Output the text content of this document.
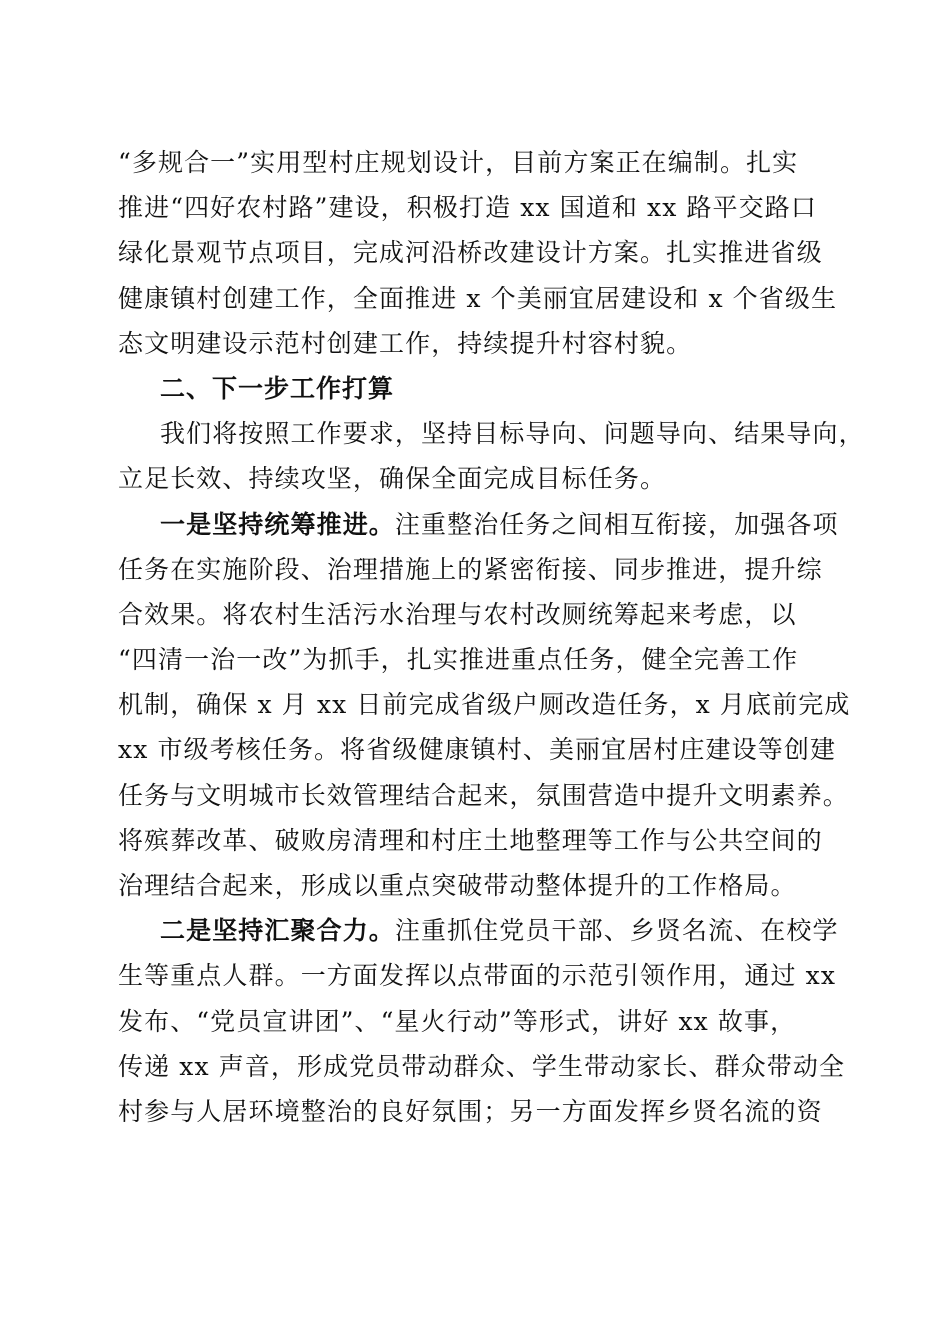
“多规合一”实用型村庄规划设计，目前方案正在编制。扎实
推进“四好农村路”建设，积极打造 xx 国道和 xx 路平交路口
绿化景观节点项目，完成河沿桥改建设计方案。扎实推进省级
健康镇村创建工作，全面推进 x 个美丽宜居建设和 x 个省级生
态文明建设示范村创建工作，持续提升村容村貌。
二、下一步工作打算
我们将按照工作要求，坚持目标导向、问题导向、结果导向，
立足长效、持续攻坚，确保全面完成目标任务。
一是坚持统筹推进。注重整治任务之间相互衔接，加强各项
任务在实施阶段、治理措施上的紧密衔接、同步推进，提升综
合效果。将农村生活污水治理与农村改厕统筹起来考虑，以
“四清一治一改”为抓手，扎实推进重点任务，健全完善工作
机制，确保 x 月 xx 日前完成省级户厕改造任务，x 月底前完成
xx 市级考核任务。将省级健康镇村、美丽宜居村庄建设等创建
任务与文明城市长效管理结合起来，氛围营造中提升文明素养。
将殡葬改革、破败房清理和村庄土地整理等工作与公共空间的
治理结合起来，形成以重点突破带动整体提升的工作格局。
二是坚持汇聚合力。注重抓住党员干部、乡贤名流、在校学
生等重点人群。一方面发挥以点带面的示范引领作用，通过 xx
发布、“党员宣讲团”、“星火行动”等形式，讲好 xx 故事，
传递 xx 声音，形成党员带动群众、学生带动家长、群众带动全
村参与人居环境整治的良好氛围；另一方面发挥乡贤名流的资
